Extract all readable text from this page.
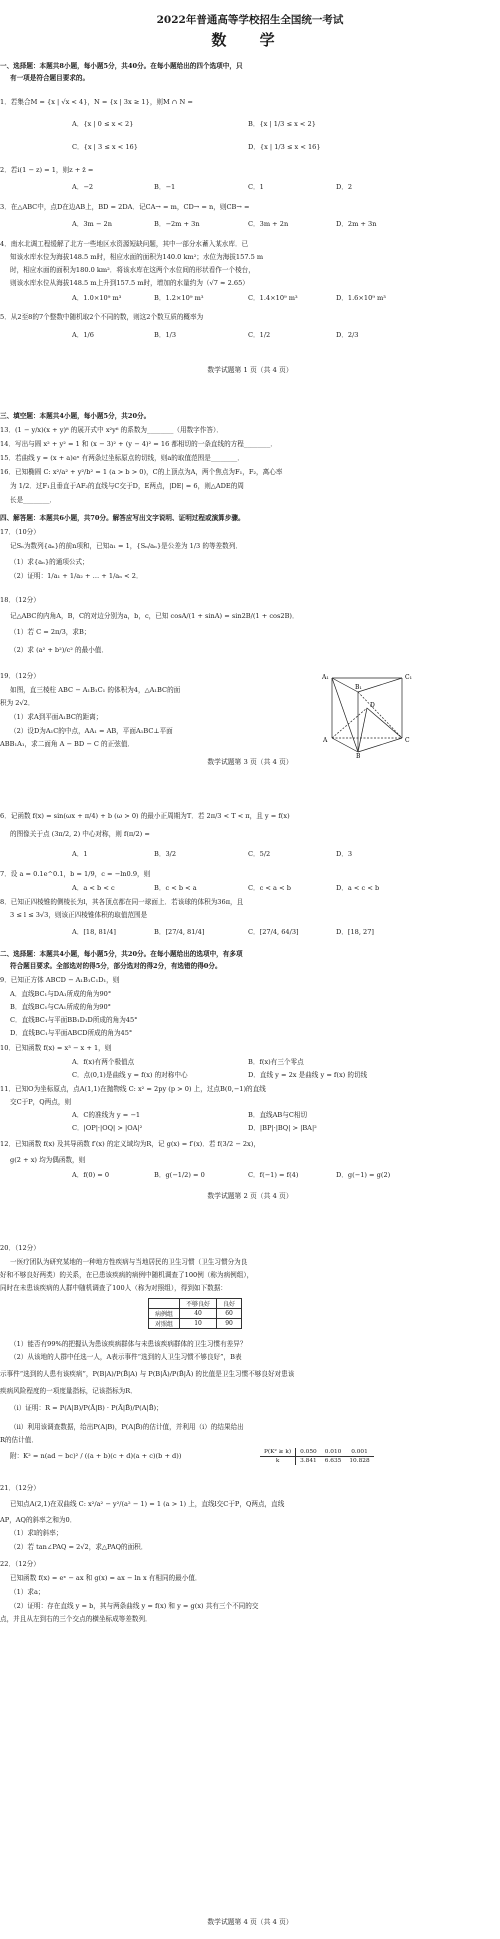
2022年普通高等学校招生全国统一考试
数 学
一、选择题：本题共8小题，每小题5分，共40分。在每小题给出的四个选项中，只
有一项是符合题目要求的。
1．若集合M = {x | √x < 4}，N = {x | 3x ≥ 1}，则M ∩ N =
A．{x | 0 ≤ x < 2}	B．{x | 1/3 ≤ x < 2}
C．{x | 3 ≤ x < 16}	D．{x | 1/3 ≤ x < 16}
2．若i(1 − z) = 1，则z + z̄ =
A．−2	B．−1	C．1	D．2
3．在△ABC中，点D在边AB上，BD = 2DA．记CA→ = m，CD→ = n，则CB→ =
A．3m − 2n	B．−2m + 3n	C．3m + 2n	D．2m + 3n
4．南水北调工程缓解了北方一些地区水资源短缺问题，其中一部分水蓄入某水库．已
知该水库水位为海拔148.5 m时，相应水面的面积为140.0 km²；水位为海拔157.5 m
时，相应水面的面积为180.0 km²．将该水库在这两个水位间的形状看作一个棱台，
则该水库水位从海拔148.5 m上升到157.5 m时，增加的水量约为（√7 ≈ 2.65）
A．1.0×10⁹ m³	B．1.2×10⁹ m³	C．1.4×10⁹ m³	D．1.6×10⁹ m³
5．从2至8的7个整数中随机取2个不同的数，则这2个数互质的概率为
A．1/6	B．1/3	C．1/2	D．2/3
数学试题第 1 页（共 4 页）
三、填空题：本题共4小题，每小题5分，共20分。
13．(1 − y/x)(x + y)⁸ 的展开式中 x²y⁶ 的系数为________（用数字作答）．
14．写出与圆 x² + y² = 1 和 (x − 3)² + (y − 4)² = 16 都相切的一条直线的方程________．
15．若曲线 y = (x + a)eˣ 有两条过坐标原点的切线，则a的取值范围是________．
16．已知椭圆 C: x²/a² + y²/b² = 1 (a > b > 0)，C的上顶点为A，两个焦点为F₁，F₂，离心率
为 1/2．过F₁且垂直于AF₂的直线与C交于D，E两点，|DE| = 6，则△ADE的周
长是________．
四、解答题：本题共6小题，共70分。解答应写出文字说明、证明过程或演算步骤。
17．（10分）
记Sₙ为数列{aₙ}的前n项和，已知a₁ = 1，{Sₙ/aₙ}是公差为 1/3 的等差数列．
（1）求{aₙ}的通项公式；
（2）证明：1/a₁ + 1/a₂ + … + 1/aₙ < 2．
18．（12分）
记△ABC的内角A，B，C的对边分别为a，b，c，已知 cosA/(1 + sinA) = sin2B/(1 + cos2B)．
（1）若 C = 2π/3，求B；
（2）求 (a² + b²)/c² 的最小值．
19．（12分）
如图，直三棱柱 ABC − A₁B₁C₁ 的体积为4，△A₁BC的面
积为 2√2．
（1）求A到平面A₁BC的距离；
（2）设D为A₁C的中点，AA₁ = AB，平面A₁BC⊥平面
ABB₁A₁，求二面角 A − BD − C 的正弦值．
A₁
B₁
C₁
A
B
C
D
数学试题第 3 页（共 4 页）
6．记函数 f(x) = sin(ωx + π/4) + b (ω > 0) 的最小正周期为T．若 2π/3 < T < π，且 y = f(x)
的图像关于点 (3π/2, 2) 中心对称，则 f(π/2) =
A．1	B．3/2	C．5/2	D．3
7．设 a = 0.1e^0.1，b = 1/9，c = −ln0.9，则
A．a < b < c	B．c < b < a	C．c < a < b	D．a < c < b
8．已知正四棱锥的侧棱长为l，其各顶点都在同一球面上．若该球的体积为36π，且
3 ≤ l ≤ 3√3，则该正四棱锥体积的取值范围是
A．[18, 81/4]	B．[27/4, 81/4]	C．[27/4, 64/3]	D．[18, 27]
二、选择题：本题共4小题，每小题5分，共20分。在每小题给出的选项中，有多项
符合题目要求。全部选对的得5分，部分选对的得2分，有选错的得0分。
9．已知正方体 ABCD − A₁B₁C₁D₁，则
A．直线BC₁与DA₁所成的角为90°
B．直线BC₁与CA₁所成的角为90°
C．直线BC₁与平面BB₁D₁D所成的角为45°
D．直线BC₁与平面ABCD所成的角为45°
10．已知函数 f(x) = x³ − x + 1，则
A．f(x)有两个极值点	B．f(x)有三个零点
C．点(0,1)是曲线 y = f(x) 的对称中心	D．直线 y = 2x 是曲线 y = f(x) 的切线
11．已知O为坐标原点，点A(1,1)在抛物线 C: x² = 2py (p > 0) 上，过点B(0,−1)的直线
交C于P，Q两点，则
A．C的准线为 y = −1	B．直线AB与C相切
C．|OP|·|OQ| > |OA|²	D．|BP|·|BQ| > |BA|²
12．已知函数 f(x) 及其导函数 f′(x) 的定义域均为R，记 g(x) = f′(x)．若 f(3/2 − 2x)，
g(2 + x) 均为偶函数，则
A．f(0) = 0	B．g(−1/2) = 0	C．f(−1) = f(4)	D．g(−1) = g(2)
数学试题第 2 页（共 4 页）
20．（12分）
一医疗团队为研究某地的一种地方性疾病与当地居民的卫生习惯（卫生习惯分为良
好和不够良好两类）的关系，在已患该疾病的病例中随机调查了100例（称为病例组），
同时在未患该疾病的人群中随机调查了100人（称为对照组），得到如下数据：
	不够良好	良好
病例组	40	60
对照组	10	90
（1）能否有99%的把握认为患该疾病群体与未患该疾病群体的卫生习惯有差异？
（2）从该地的人群中任选一人，A表示事件“选到的人卫生习惯不够良好”，B表
示事件“选到的人患有该疾病”，P(B|A)/P(B̄|A) 与 P(B|Ā)/P(B̄|Ā) 的比值是卫生习惯不够良好对患该
疾病风险程度的一项度量指标，记该指标为R．
（i）证明：R = P(A|B)/P(Ā|B) · P(Ā|B̄)/P(A|B̄)；
（ii）利用该调查数据，给出P(A|B)，P(A|B̄)的估计值，并利用（i）的结果给出
R的估计值．
附：K² = n(ad − bc)² / ((a + b)(c + d)(a + c)(b + d))	P(K² ≥ k)	0.050	0.010	0.001
k	3.841	6.635	10.828
21．（12分）
已知点A(2,1)在双曲线 C: x²/a² − y²/(a² − 1) = 1 (a > 1) 上，直线l交C于P，Q两点，直线
AP，AQ的斜率之和为0．
（1）求l的斜率；
（2）若 tan∠PAQ = 2√2，求△PAQ的面积．
22．（12分）
已知函数 f(x) = eˣ − ax 和 g(x) = ax − ln x 有相同的最小值．
（1）求a；
（2）证明：存在直线 y = b，其与两条曲线 y = f(x) 和 y = g(x) 共有三个不同的交
点，并且从左到右的三个交点的横坐标成等差数列．
数学试题第 4 页（共 4 页）
